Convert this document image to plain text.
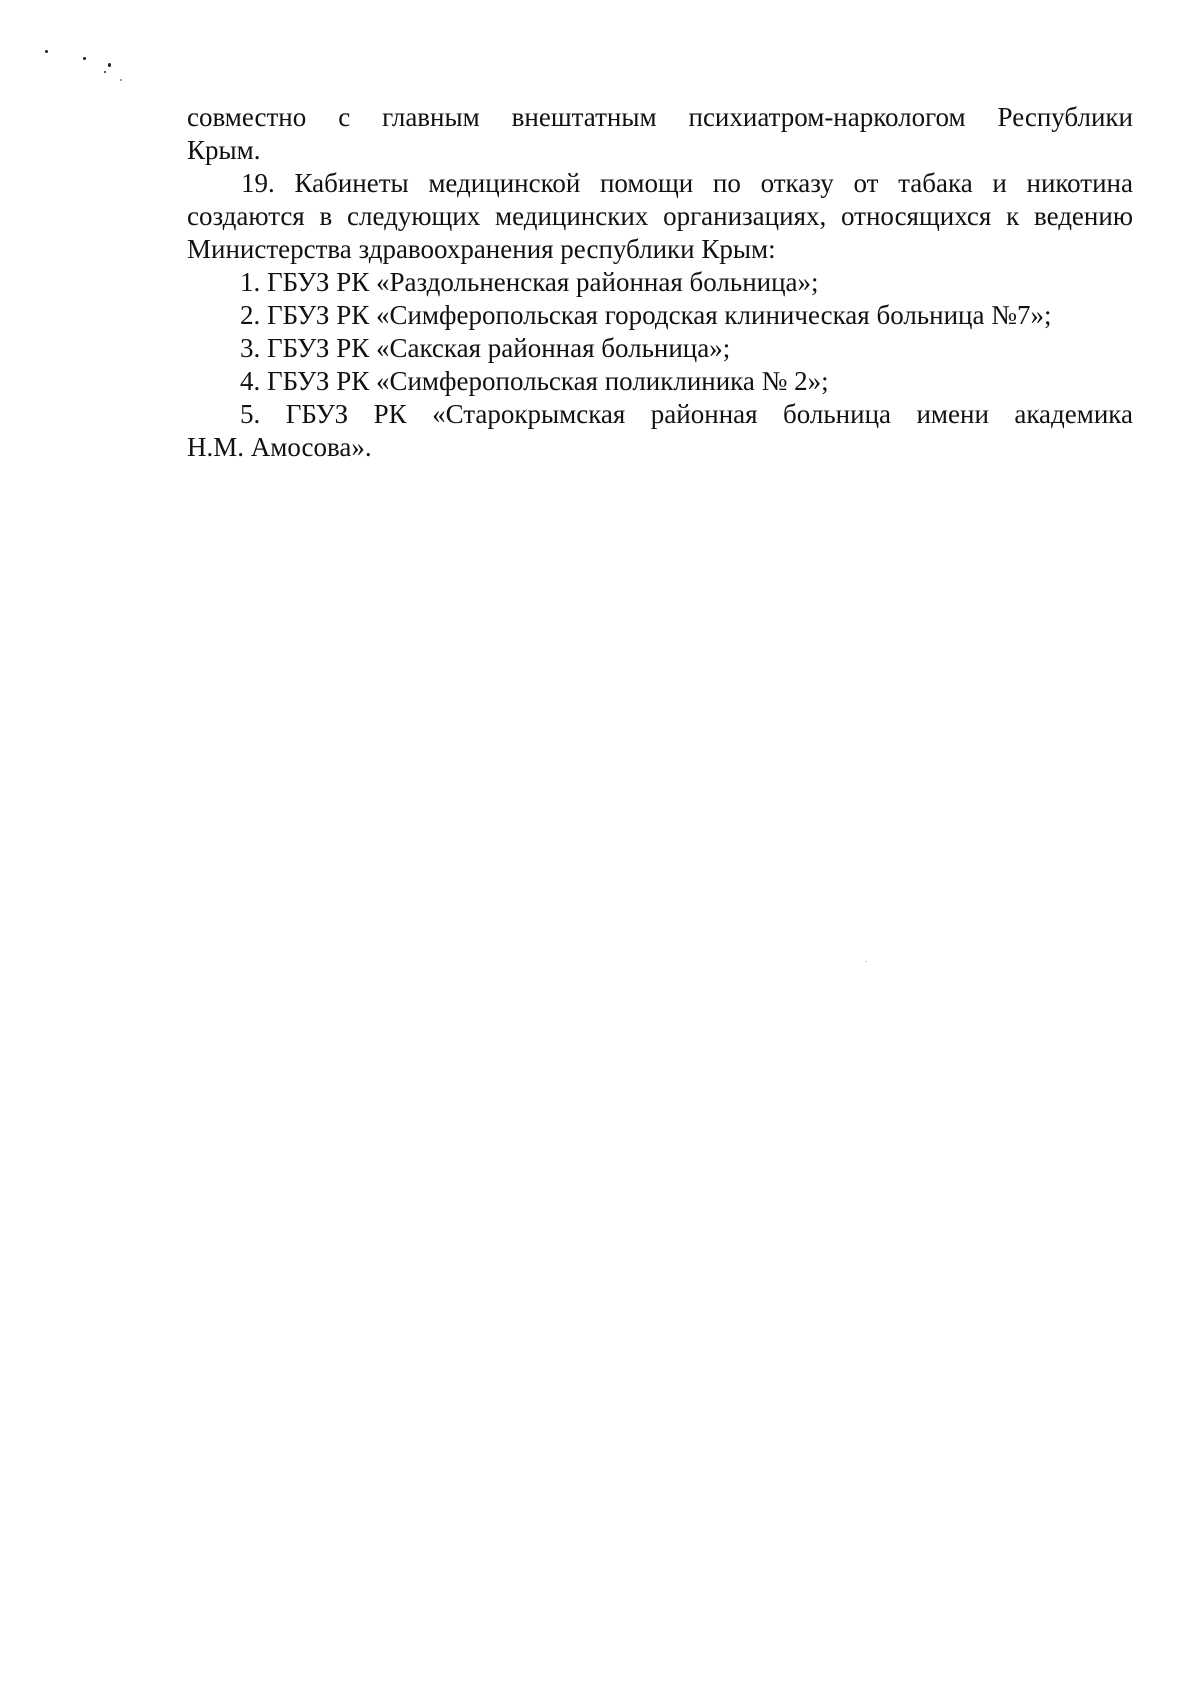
совместно с главным внештатным психиатром-наркологом Республики
Крым.

19. Кабинеты медицинской помощи по отказу от табака и никотина
создаются в следующих медицинских организациях, относящихся к ведению
Министерства здравоохранения республики Крым:

1. ГБУЗ РК «Раздольненская районная больница»;
2. ГБУЗ РК «Симферопольская городская клиническая больница №7»;
3. ГБУЗ РК «Сакская районная больница»;
4. ГБУЗ РК «Симферопольская поликлиника № 2»;
5. ГБУЗ РК «Старокрымская районная больница имени академика
Н.М. Амосова».
